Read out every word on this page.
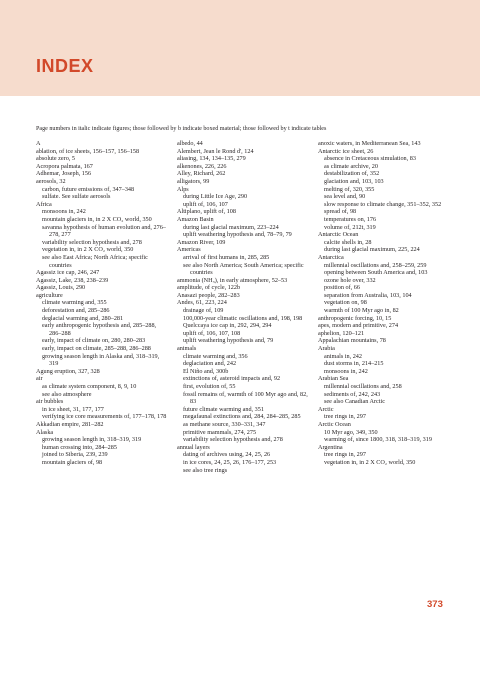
INDEX
Page numbers in italic indicate figures; those followed by b indicate boxed material; those followed by t indicate tables

A

ablation, of ice sheets, 156–157, 156–158

absolute zero, 5

Acropora palmata, 167

Adhemar, Joseph, 156

aerosols, 32

carbon, future emissions of, 347–348

sulfate. See sulfate aerosols

Africa

monsoons in, 242

mountain glaciers in, in 2 X CO₂ world, 350

savanna hypothesis of human evolution and, 276–278, 277

variability selection hypothesis and, 278

vegetation in, in 2 X CO₂ world, 350

see also East Africa; North Africa; specific countries

Agassiz ice cap, 246, 247

Agassiz, Lake, 238, 238–239

Agassiz, Louis, 290

agriculture

climate warming and, 355

deforestation and, 285–286

deglacial warming and, 280–281

early anthropogenic hypothesis and, 285–288, 286–288

early, impact of climate on, 280, 280–283

early, impact on climate, 285–288, 286–288

growing season length in Alaska and, 318–319, 319

Agung eruption, 327, 328

air

as climate system component, 8, 9, 10

see also atmosphere

air bubbles

in ice sheet, 31, 177, 177

verifying ice core measurements of, 177–178, 178

Akkadian empire, 281–282

Alaska

growing season length in, 318–319, 319

human crossing into, 284–285

joined to Siberia, 239, 239

mountain glaciers of, 98

albedo, 44

Alembert, Jean le Rond d', 124

aliasing, 134, 134–135, 279

alkenones, 226, 226

Alley, Richard, 262

alligators, 99

Alps

during Little Ice Age, 290

uplift of, 106, 107

Altiplano, uplift of, 108

Amazon Basin

during last glacial maximum, 223–224

uplift weathering hypothesis and, 78–79, 79

Amazon River, 109

Americas

arrival of first humans in, 285, 285

see also North America; South America; specific countries

ammonia (NH₃), in early atmosphere, 52–53

amplitude, of cycle, 122b

Anasazi people, 282–283

Andes, 61, 223, 224

drainage of, 109

100,000-year climatic oscillations and, 198, 198

Quelccaya ice cap in, 292, 294, 294

uplift of, 106, 107, 108

uplift weathering hypothesis and, 79

animals

climate warming and, 356

deglaciation and, 242

El Niño and, 300b

extinctions of, asteroid impacts and, 92

first, evolution of, 55

fossil remains of, warmth of 100 Myr ago and, 82, 83

future climate warming and, 351

megafaunal extinctions and, 284, 284–285, 285

as methane source, 330–331, 347

primitive mammals, 274, 275

variability selection hypothesis and, 278

annual layers

dating of archives using, 24, 25, 26

in ice cores, 24, 25, 26, 176–177, 253

see also tree rings

anoxic waters, in Mediterranean Sea, 143

Antarctic ice sheet, 26

absence in Cretaceous simulation, 83

as climate archive, 20

destabilization of, 352

glaciation and, 103, 103

melting of, 320, 355

sea level and, 90

slow response to climate change, 351–352, 352

spread of, 98

temperatures on, 176

volume of, 212t, 319

Antarctic Ocean

calcite shells in, 28

during last glacial maximum, 225, 224

Antarctica

millennial oscillations and, 258–259, 259

opening between South America and, 103

ozone hole over, 332

position of, 66

separation from Australia, 103, 104

vegetation on, 98

warmth of 100 Myr ago in, 82

anthropogenic forcing, 10, 15

apes, modern and primitive, 274

aphelion, 120–121

Appalachian mountains, 78

Arabia

animals in, 242

dust storms in, 214–215

monsoons in, 242

Arabian Sea

millennial oscillations and, 258

sediments of, 242, 243

see also Canadian Arctic

Arctic

tree rings in, 297

Arctic Ocean

10 Myr ago, 349, 350

warming of, since 1800, 318, 318–319, 319

Argentina

tree rings in, 297

vegetation in, in 2 X CO₂ world, 350

373
